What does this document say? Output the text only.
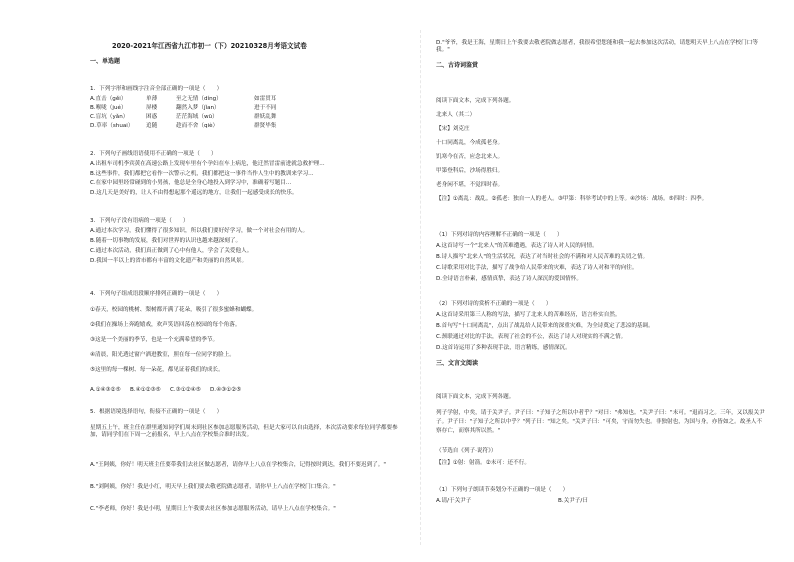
2020-2021年江西省九江市初一（下）20210328月考语文试卷
一、单选题
1．下列字形和画线字注音全部正确的一项是（　　）
A.直击（gěi）	单薄	至之无情（díng）	如雷贯耳
B.喉咙（jué）	屏楼	翻然入梦（jǐan）	进于不同
C.盲坑（yǎn）	困惑	茫茫海域（wū）	群妖乱舞
D.草率（shuai） 追随	趁而不舍（qiè）	群贤毕集
2．下列句子画线语语使用不正确的一项是（　　）
A.出租车司机李宾黄在高速公路上发现车里有个孕妇在车上病危，他迁然冒雷前进就急救护理...
B.这些事件，我们都把它看作一次警示之机，我们都把这一事件当作人生中的教训来学习...
C.在家中园里经常碰到的小男孩，他总是全身心地投入到学习中，准确着写题目...
D.这几天是美好的，让人不由得想起那个遥远的地方，让我们一起感受成长的快乐。
3．下列句子没有语病的一项是（　　）
A.通过本次学习，我们懂得了很多知识，所以我们要好好学习，做一个对社会有用的人。
B.随着一切事物的发展，我们对世界的认识也越来越深刻了。
C.通过本次活动，我们真正做到了心中有他人，学会了关爱他人。
D.我国一半以上的省市都有丰富的文化遗产和美丽的自然风景。
4．下列句子组成语段顺序排列正确的一项是（　　）
①春天，校园的桃树、梨树都开满了花朵，吸引了很多蜜蜂和蝴蝶。
②我们在操场上奔跑嬉戏，欢声笑语回荡在校园的每个角落。
③这是一个美丽的季节，也是一个充满希望的季节。
④清晨，阳光透过窗户洒进教室，照在每一位同学的脸上。
⑤这里的每一棵树、每一朵花，都见证着我们的成长。
A.①④③②⑤ B.④①②③⑤ C.③①②④⑤ D.④③①②⑤
5．根据语境选择语句，衔接不正确的一项是（　　）
星期五上午，班主任在群里通知同学们周末到社区参加志愿服务活动，但是大家可以自由选择，本次活动要求每位同学都要参加，请同学们在下周一之前报名，早上八点在学校集合准时出发。
A."王阿姨，你好！明天班主任要带我们去社区做志愿者，请你早上八点在学校集合，记得按时到达，我们不要迟到了。"
B."刘阿姨，你好！我是小红，明天早上我们要去敬老院做志愿者，请你早上八点在学校门口集合。"
C."李老师，你好！我是小明，星期日上午我要去社区参加志愿服务活动，请早上八点在学校集合。"
D."爷爷，我是王海，星期日上午我要去敬老院做志愿者，我很希望您能和我一起去参加这次活动，请您明天早上八点在学校门口等我。"
二、古诗词鉴赏
阅读下面文本，完成下列各题。
北来人（其二）
【宋】刘克庄
十口同离乱，今成孤老身。
饥寒今在否，应念北来人。
甲第登科后，沙场得胜归。
老身闲不堪，不觉四时春。
【注】①离乱：战乱。②孤老：独自一人的老人。③甲第：科举考试中的上等。④沙场：战场。⑤四时：四季。
（1）下列对诗的内容理解不正确的一项是（　　）
A.这首诗写一个"北来人"的苦难遭遇，表达了诗人对人民的同情。
B.诗人描写"北来人"的生活状况，表达了对当时社会的不满和对人民苦难的关切之情。
C.诗歌采用对比手法，描写了战争给人民带来的灾难，表达了诗人对和平的向往。
D.全诗语言朴素，感情真挚，表达了诗人深沉的爱国情怀。
（2）下列对诗的赏析不正确的一项是（　　）
A.这首诗采用第三人称的写法，描写了北来人的苦难经历，语言朴实自然。
B.首句写"十口同离乱"，点出了战乱给人民带来的深重灾难，为全诗奠定了悲凉的基调。
C.颈联通过对比的手法，表现了社会的不公，表达了诗人对现实的不满之情。
D.这首诗运用了多种表现手法，语言精练，感情深沉。
三、文言文阅读
阅读下面文本，完成下列各题。
列子学射，中矣，请于关尹子。尹子曰："子知子之所以中者乎？"对曰："弗知也。"关尹子曰："未可。"退而习之。三年，又以报关尹子。尹子曰："子知子之所以中乎？"列子曰："知之矣。"关尹子曰："可矣，守而勿失也。非独射也，为国与身，亦皆如之。故圣人不察存亡，而察其所以然。"
（节选自《列子·说符》）
【注】①射：射箭。②未可：还不行。
（1）下列句子朗读节奏划分不正确的一项是（　　）
A.请/于关尹子	B.关尹子/曰
